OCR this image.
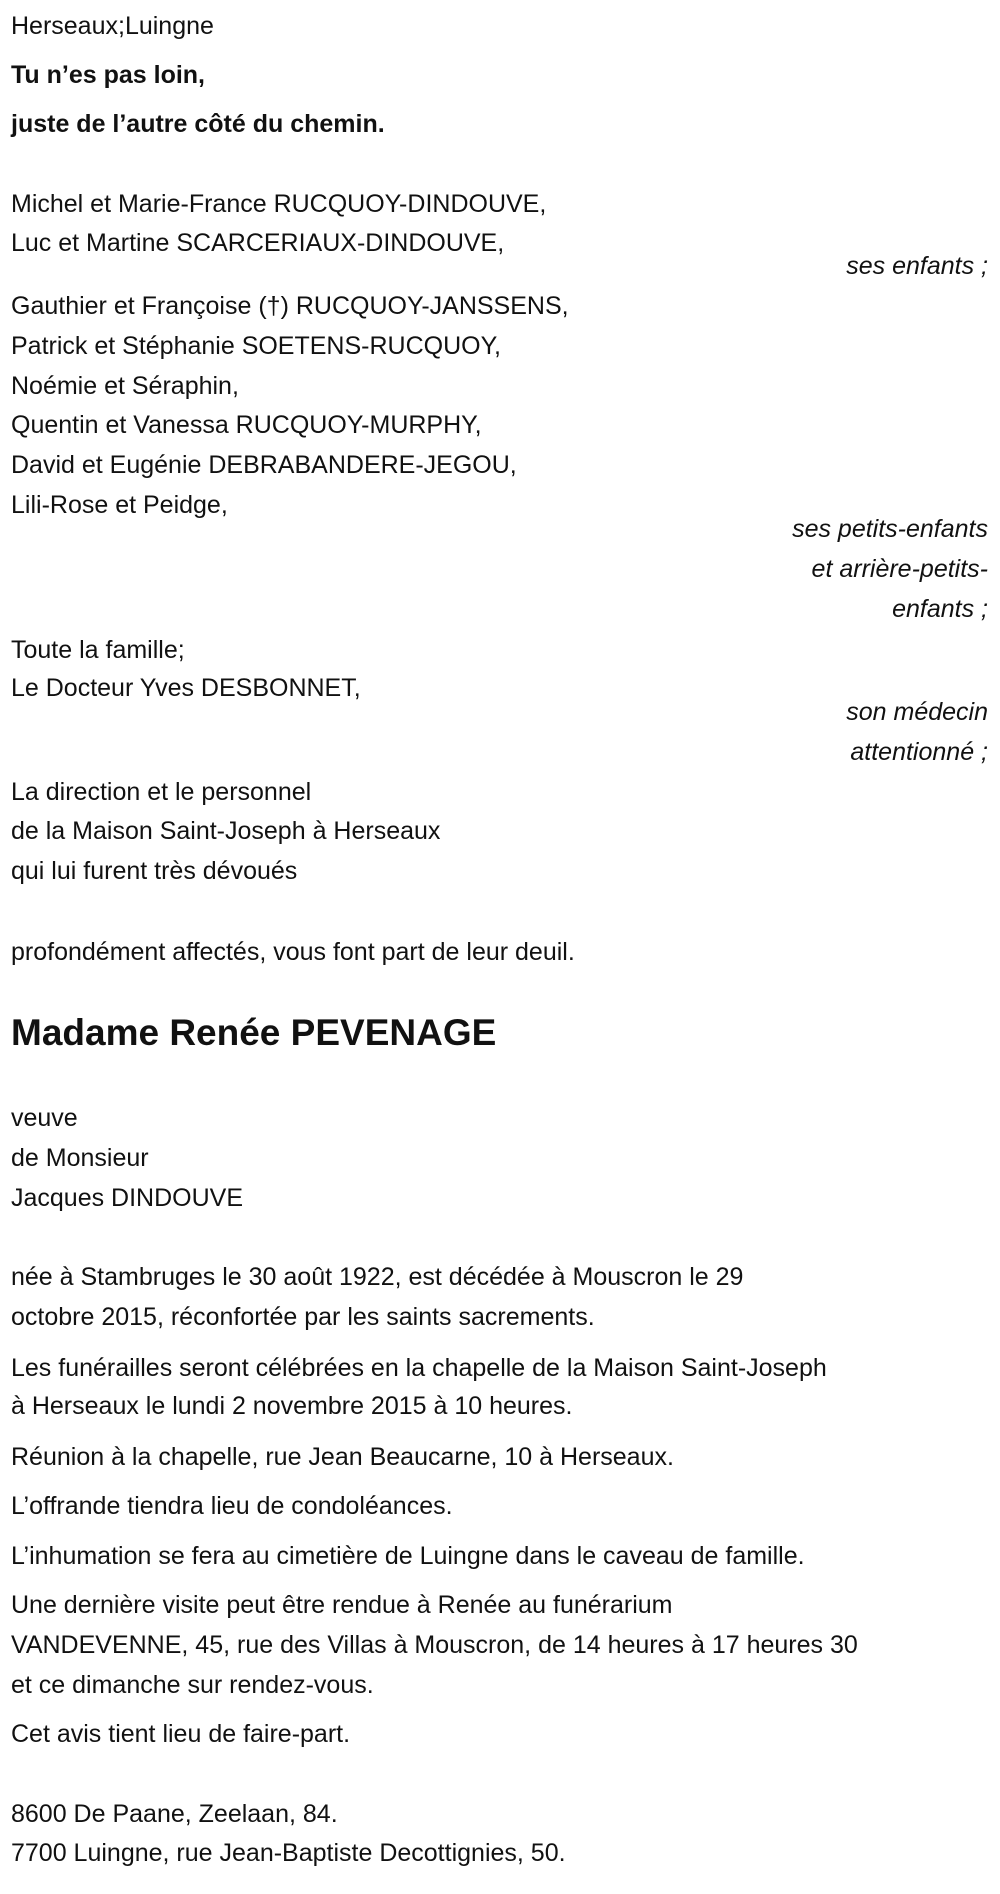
Herseaux;Luingne
Tu n’es pas loin,
juste de l’autre côté du chemin.
Michel et Marie-France RUCQUOY-DINDOUVE,
Luc et Martine SCARCERIAUX-DINDOUVE,
ses enfants ;
Gauthier et Françoise (†) RUCQUOY-JANSSENS,
Patrick et Stéphanie SOETENS-RUCQUOY,
Noémie et Séraphin,
Quentin et Vanessa RUCQUOY-MURPHY,
David et Eugénie DEBRABANDERE-JEGOU,
Lili-Rose et Peidge,
ses petits-enfants
et arrière-petits-
enfants ;
Toute la famille;
Le Docteur Yves DESBONNET,
son médecin
attentionné ;
La direction et le personnel
de la Maison Saint-Joseph à Herseaux
qui lui furent très dévoués
profondément affectés, vous font part de leur deuil.
Madame Renée PEVENAGE
veuve
de Monsieur
Jacques DINDOUVE
née à Stambruges le 30 août 1922, est décédée à Mouscron le 29
octobre 2015, réconfortée par les saints sacrements.
Les funérailles seront célébrées en la chapelle de la Maison Saint-Joseph
à Herseaux le lundi 2 novembre 2015 à 10 heures.
Réunion à la chapelle, rue Jean Beaucarne, 10 à Herseaux.
L’offrande tiendra lieu de condoléances.
L’inhumation se fera au cimetière de Luingne dans le caveau de famille.
Une dernière visite peut être rendue à Renée au funérarium
VANDEVENNE, 45, rue des Villas à Mouscron, de 14 heures à 17 heures 30
et ce dimanche sur rendez-vous.
Cet avis tient lieu de faire-part.
8600 De Paane, Zeelaan, 84.
7700 Luingne, rue Jean-Baptiste Decottignies, 50.
